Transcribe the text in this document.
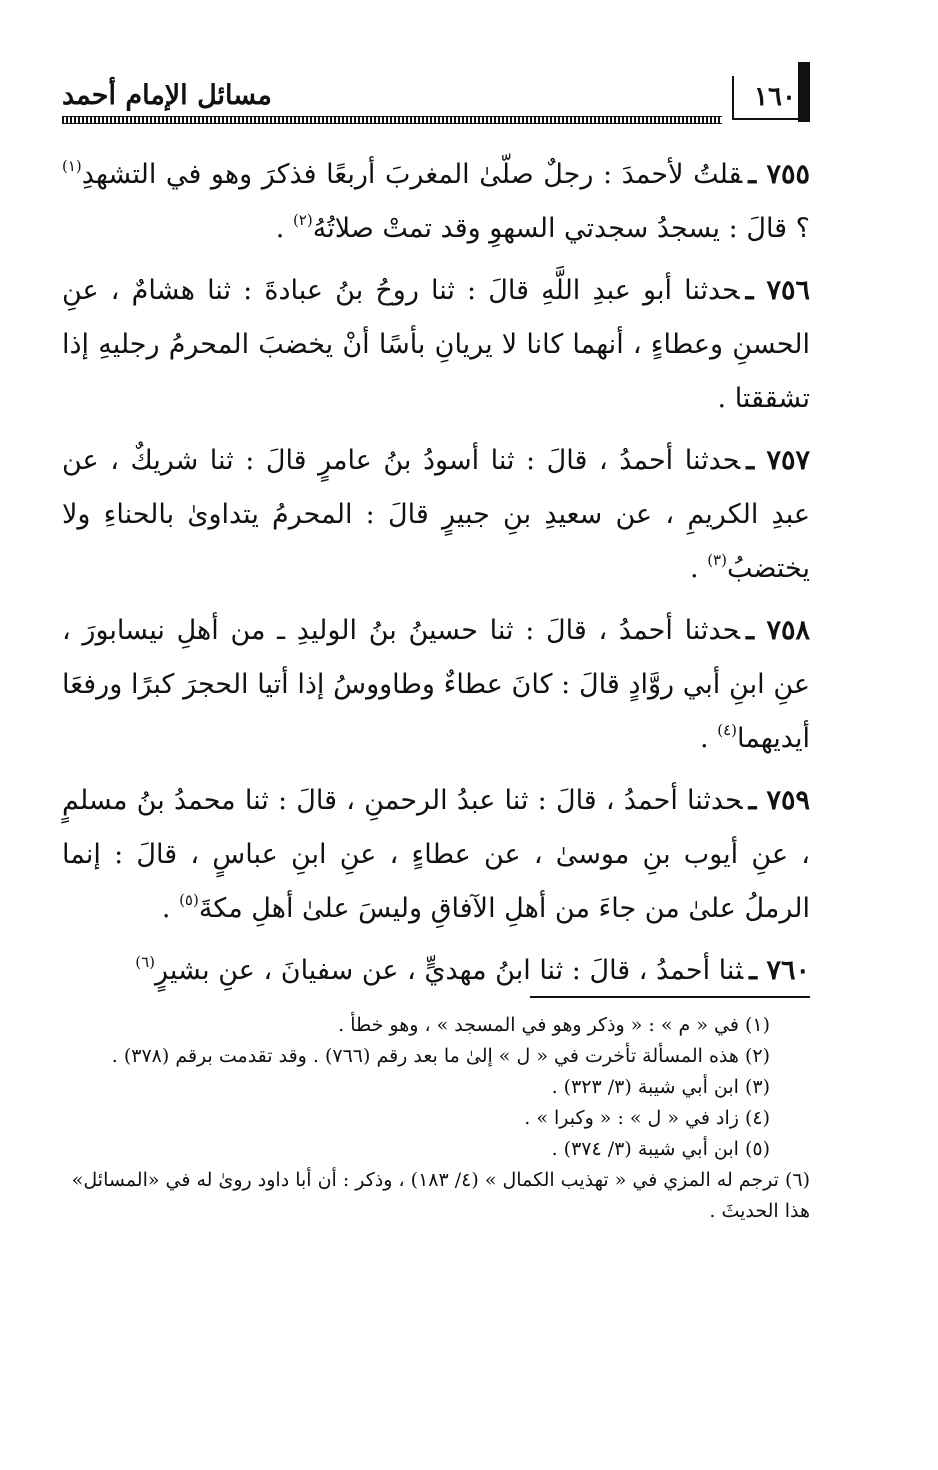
١٦٠
مسائل الإمام أحمد

٧٥٥ ـقلتُ لأحمدَ : رجلٌ صلّىٰ المغربَ أربعًا فذكرَ وهو في التشهدِ$^{(١)}$ ؟ قالَ : يسجدُ سجدتي السهوِ وقد تمتْ صلاتُهُ$^{(٢)}$ .

٧٥٦ ـحدثنا أبو عبدِ اللَّهِ قالَ : ثنا روحُ بنُ عبادةَ : ثنا هشامٌ ، عنِ الحسنِ وعطاءٍ ، أنهما كانا لا يريانِ بأسًا أنْ يخضبَ المحرمُ رجليهِ إذا تشققتا .

٧٥٧ ـحدثنا أحمدُ ، قالَ : ثنا أسودُ بنُ عامرٍ قالَ : ثنا شريكٌ ، عن عبدِ الكريمِ ، عن سعيدِ بنِ جبيرٍ قالَ : المحرمُ يتداوىٰ بالحناءِ ولا يختضبُ$^{(٣)}$ .

٧٥٨ ـحدثنا أحمدُ ، قالَ : ثنا حسينُ بنُ الوليدِ ـ من أهلِ نيسابورَ ، عنِ ابنِ أبي روَّادٍ قالَ : كانَ عطاءٌ وطاووسُ إذا أتيا الحجرَ كبرًا ورفعَا أيديهما$^{(٤)}$ .

٧٥٩ ـحدثنا أحمدُ ، قالَ : ثنا عبدُ الرحمنِ ، قالَ : ثنا محمدُ بنُ مسلمٍ ، عنِ أيوب بنِ موسىٰ ، عن عطاءٍ ، عنِ ابنِ عباسٍ ، قالَ : إنما الرملُ علىٰ من جاءَ من أهلِ الآفاقِ وليسَ علىٰ أهلِ مكةَ$^{(٥)}$ .

٧٦٠ ـثنا أحمدُ ، قالَ : ثنا ابنُ مهديٍّ ، عن سفيانَ ، عنِ بشيرٍ$^{(٦)}$

(١)في « م » : « وذكر وهو في المسجد » ، وهو خطأ .

(٢)هذه المسألة تأخرت في « ل » إلىٰ ما بعد رقم (٧٦٦) . وقد تقدمت برقم (٣٧٨) .

(٣)ابن أبي شيبة (٣/ ٣٢٣) .

(٤)زاد في « ل » : « وكبرا » .

(٥)ابن أبي شيبة (٣/ ٣٧٤) .

(٦)ترجم له المزي في « تهذيب الكمال » (٤/ ١٨٣) ، وذكر : أن أبا داود روىٰ له في «المسائل» هذا الحديثَ .
